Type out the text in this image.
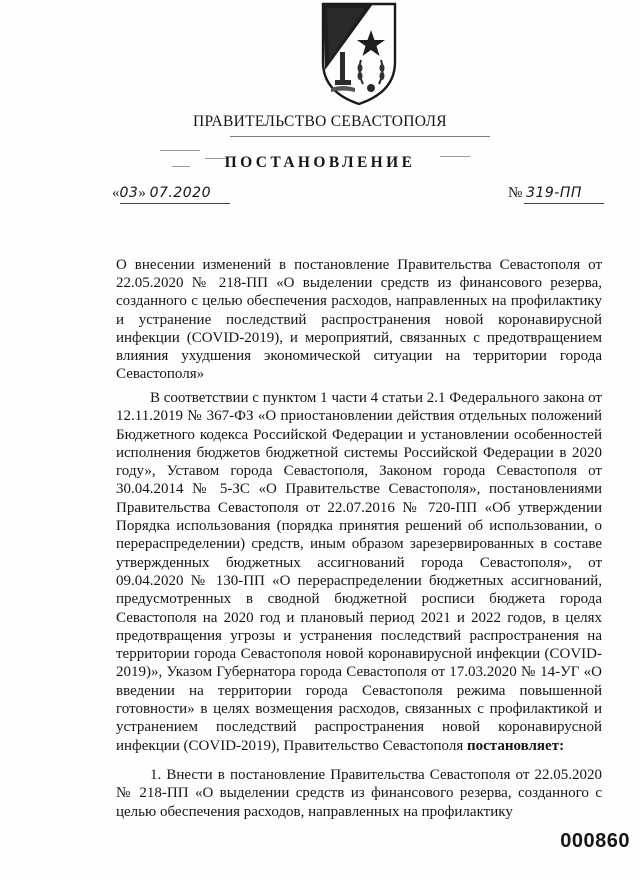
ПРАВИТЕЛЬСТВО СЕВАСТОПОЛЯ
ПОСТАНОВЛЕНИЕ
«03» 07.2020	№ 319-ПП
О внесении изменений в постановление Правительства Севастополя от 22.05.2020 № 218-ПП «О выделении средств из финансового резерва, созданного с целью обеспечения расходов, направленных на профилактику и устранение последствий распространения новой коронавирусной инфекции (COVID-2019), и мероприятий, связанных с предотвращением влияния ухудшения экономической ситуации на территории города Севастополя»
В соответствии с пунктом 1 части 4 статьи 2.1 Федерального закона от 12.11.2019 № 367-ФЗ «О приостановлении действия отдельных положений Бюджетного кодекса Российской Федерации и установлении особенностей исполнения бюджетов бюджетной системы Российской Федерации в 2020 году», Уставом города Севастополя, Законом города Севастополя от 30.04.2014 № 5-ЗС «О Правительстве Севастополя», постановлениями Правительства Севастополя от 22.07.2016 № 720-ПП «Об утверждении Порядка использования (порядка принятия решений об использовании, о перераспределении) средств, иным образом зарезервированных в составе утвержденных бюджетных ассигнований города Севастополя», от 09.04.2020 № 130-ПП «О перераспределении бюджетных ассигнований, предусмотренных в сводной бюджетной росписи бюджета города Севастополя на 2020 год и плановый период 2021 и 2022 годов, в целях предотвращения угрозы и устранения последствий распространения на территории города Севастополя новой коронавирусной инфекции (COVID-2019)», Указом Губернатора города Севастополя от 17.03.2020 № 14-УГ «О введении на территории города Севастополя режима повышенной готовности» в целях возмещения расходов, связанных с профилактикой и устранением последствий распространения новой коронавирусной инфекции (COVID-2019), Правительство Севастополя постановляет:
1. Внести в постановление Правительства Севастополя от 22.05.2020 № 218-ПП «О выделении средств из финансового резерва, созданного с целью обеспечения расходов, направленных на профилактику
000860
